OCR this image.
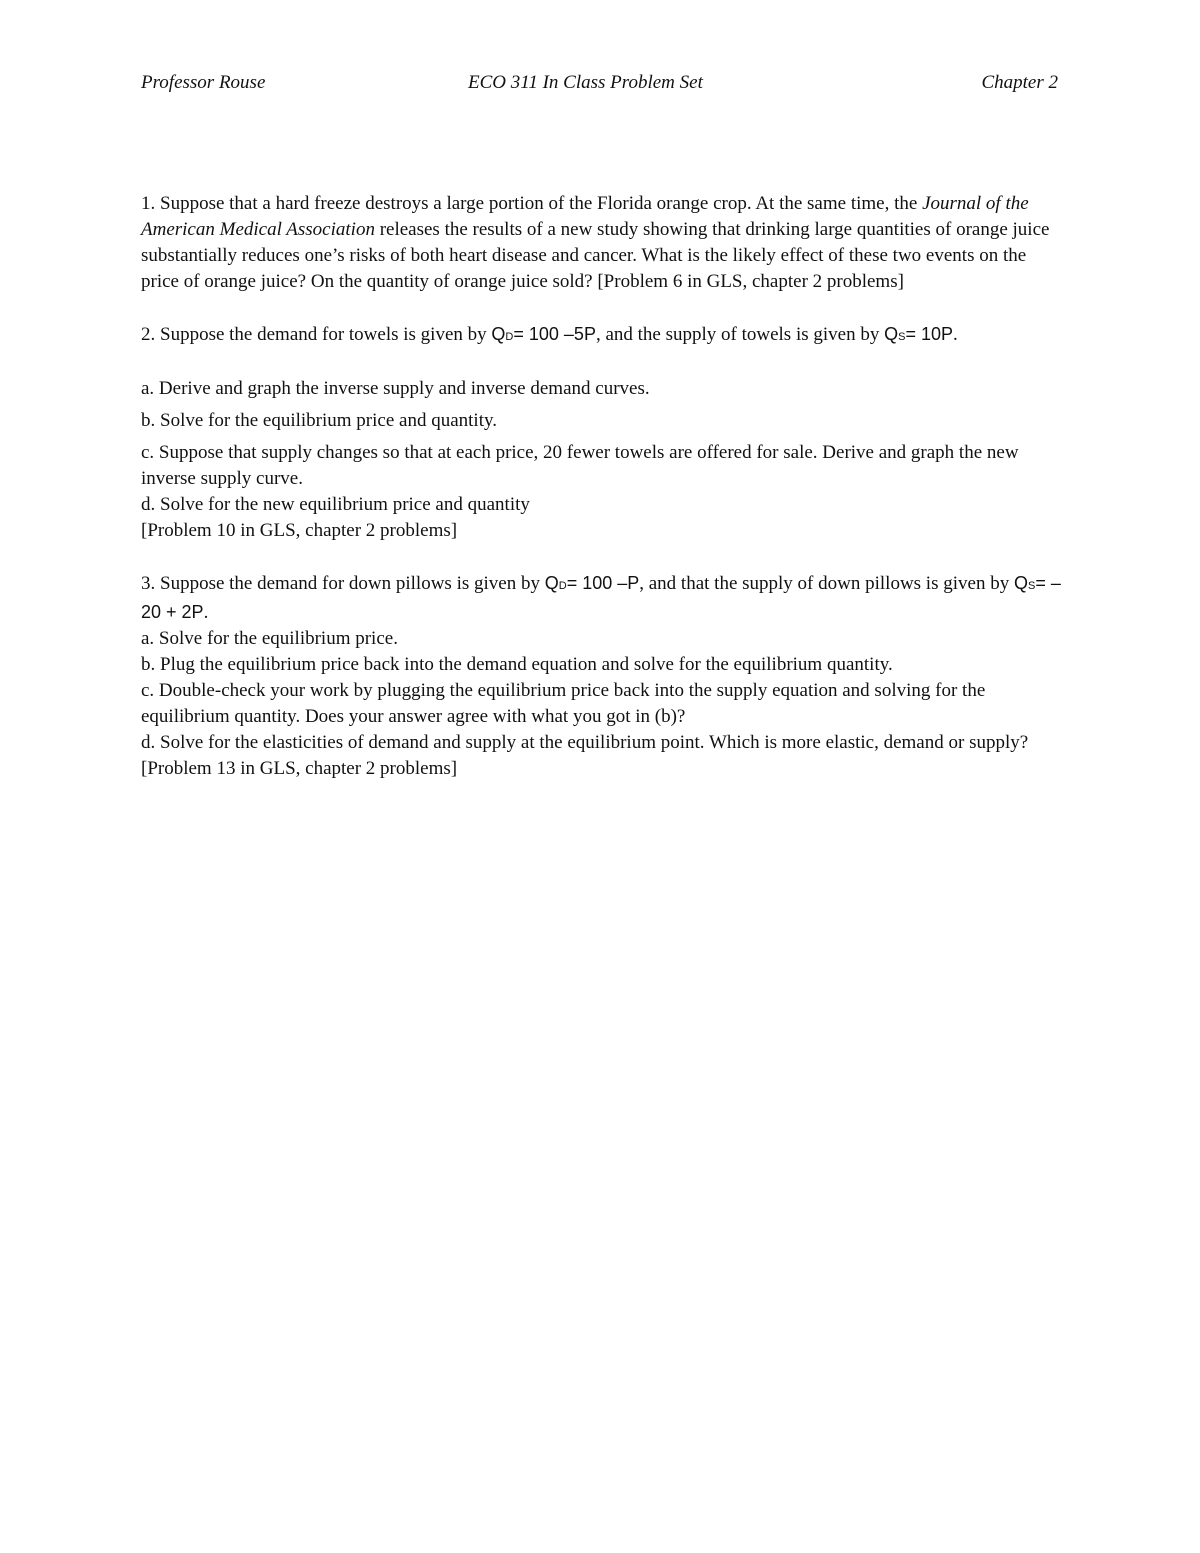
Professor Rouse	ECO 311 In Class Problem Set	Chapter 2

1. Suppose that a hard freeze destroys a large portion of the Florida orange crop. At the same time, the Journal of the American Medical Association releases the results of a new study showing that drinking large quantities of orange juice substantially reduces one’s risks of both heart disease and cancer. What is the likely effect of these two events on the price of orange juice? On the quantity of orange juice sold? [Problem 6 in GLS, chapter 2 problems]

2. Suppose the demand for towels is given by QD= 100 –5P, and the supply of towels is given by QS= 10P.

a. Derive and graph the inverse supply and inverse demand curves.

b. Solve for the equilibrium price and quantity.

c. Suppose that supply changes so that at each price, 20 fewer towels are offered for sale. Derive and graph the new inverse supply curve.

d. Solve for the new equilibrium price and quantity

[Problem 10 in GLS, chapter 2 problems]

3. Suppose the demand for down pillows is given by QD= 100 –P, and that the supply of down pillows is given by QS= –20 + 2P.

a. Solve for the equilibrium price.

b. Plug the equilibrium price back into the demand equation and solve for the equilibrium quantity.

c. Double-check your work by plugging the equilibrium price back into the supply equation and solving for the equilibrium quantity. Does your answer agree with what you got in (b)?

d. Solve for the elasticities of demand and supply at the equilibrium point. Which is more elastic, demand or supply?

[Problem 13 in GLS, chapter 2 problems]
